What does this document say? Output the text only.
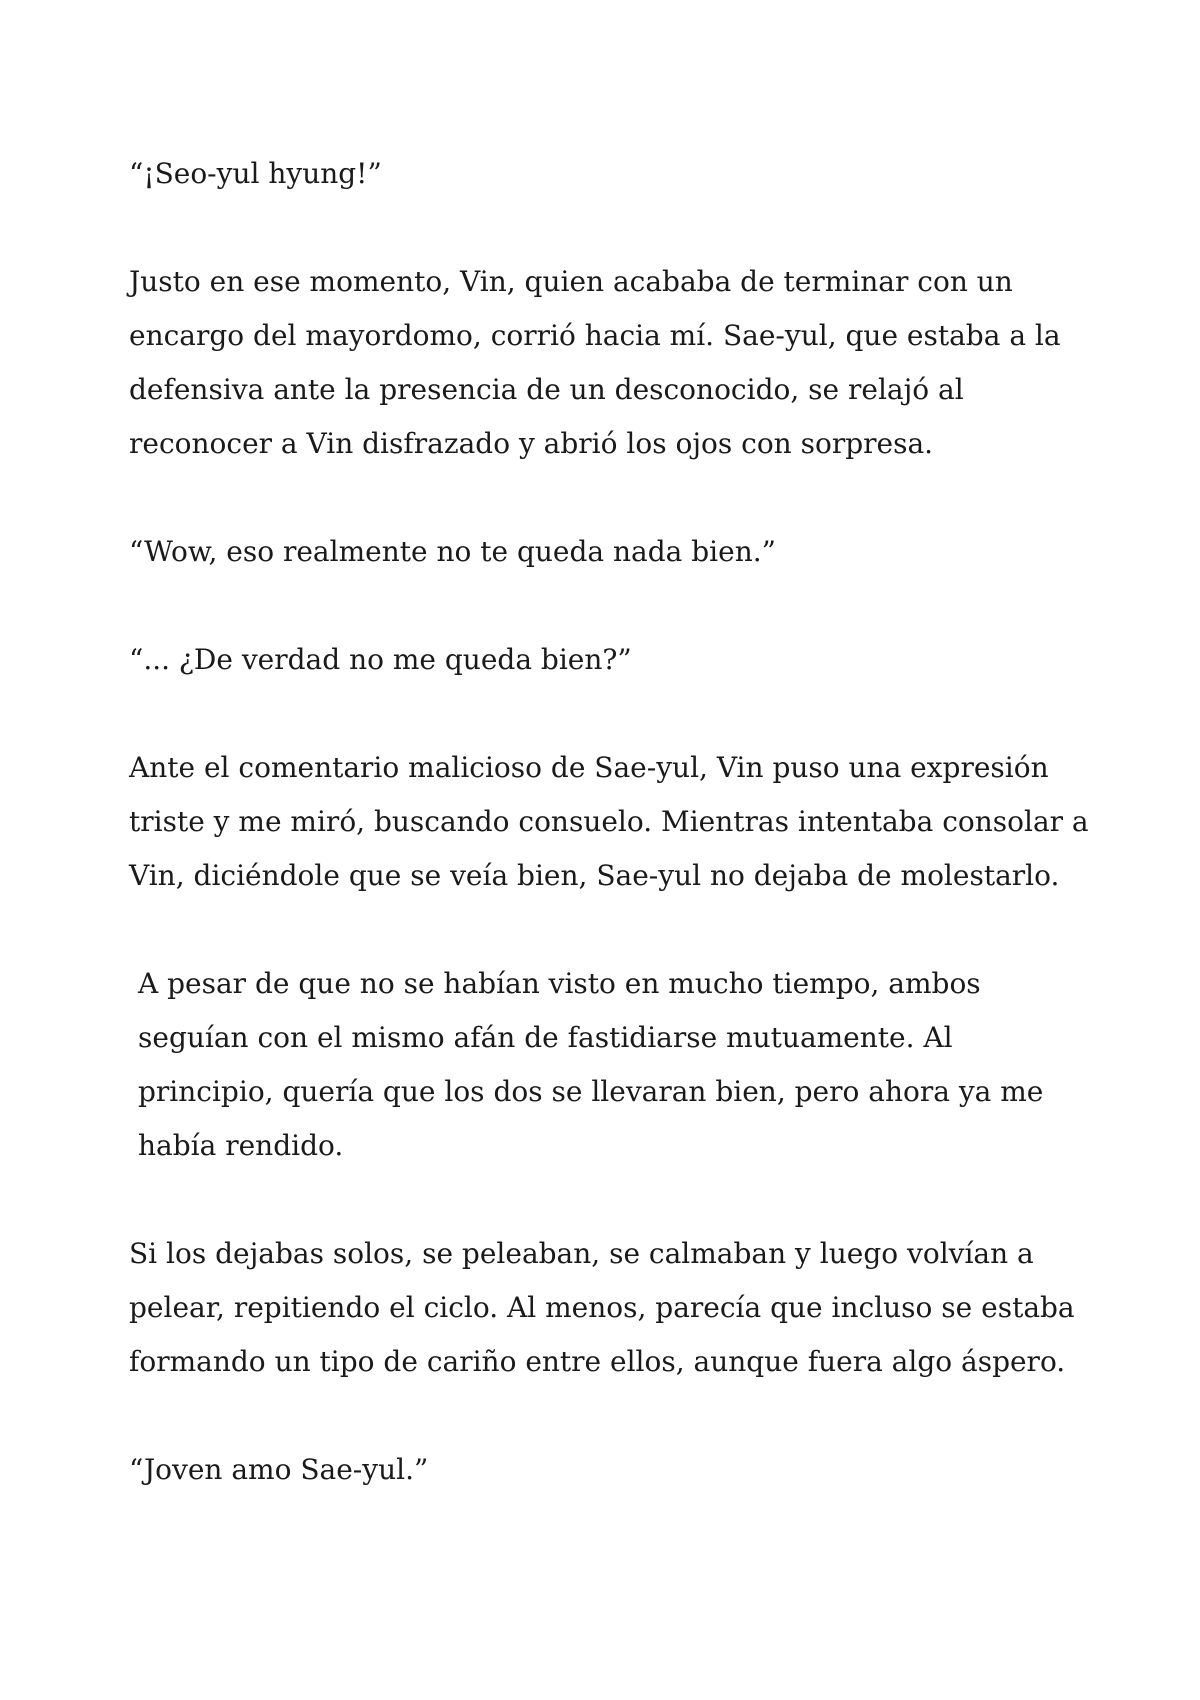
“¡Seo-yul hyung!”

Justo en ese momento, Vin, quien acababa de terminar con un encargo del mayordomo, corrió hacia mí. Sae-yul, que estaba a la defensiva ante la presencia de un desconocido, se relajó al reconocer a Vin disfrazado y abrió los ojos con sorpresa.

“Wow, eso realmente no te queda nada bien.”

“... ¿De verdad no me queda bien?”

Ante el comentario malicioso de Sae-yul, Vin puso una expresión triste y me miró, buscando consuelo. Mientras intentaba consolar a Vin, diciéndole que se veía bien, Sae-yul no dejaba de molestarlo.

A pesar de que no se habían visto en mucho tiempo, ambos seguían con el mismo afán de fastidiarse mutuamente. Al principio, quería que los dos se llevaran bien, pero ahora ya me había rendido.

Si los dejabas solos, se peleaban, se calmaban y luego volvían a pelear, repitiendo el ciclo. Al menos, parecía que incluso se estaba formando un tipo de cariño entre ellos, aunque fuera algo áspero.

“Joven amo Sae-yul.”
